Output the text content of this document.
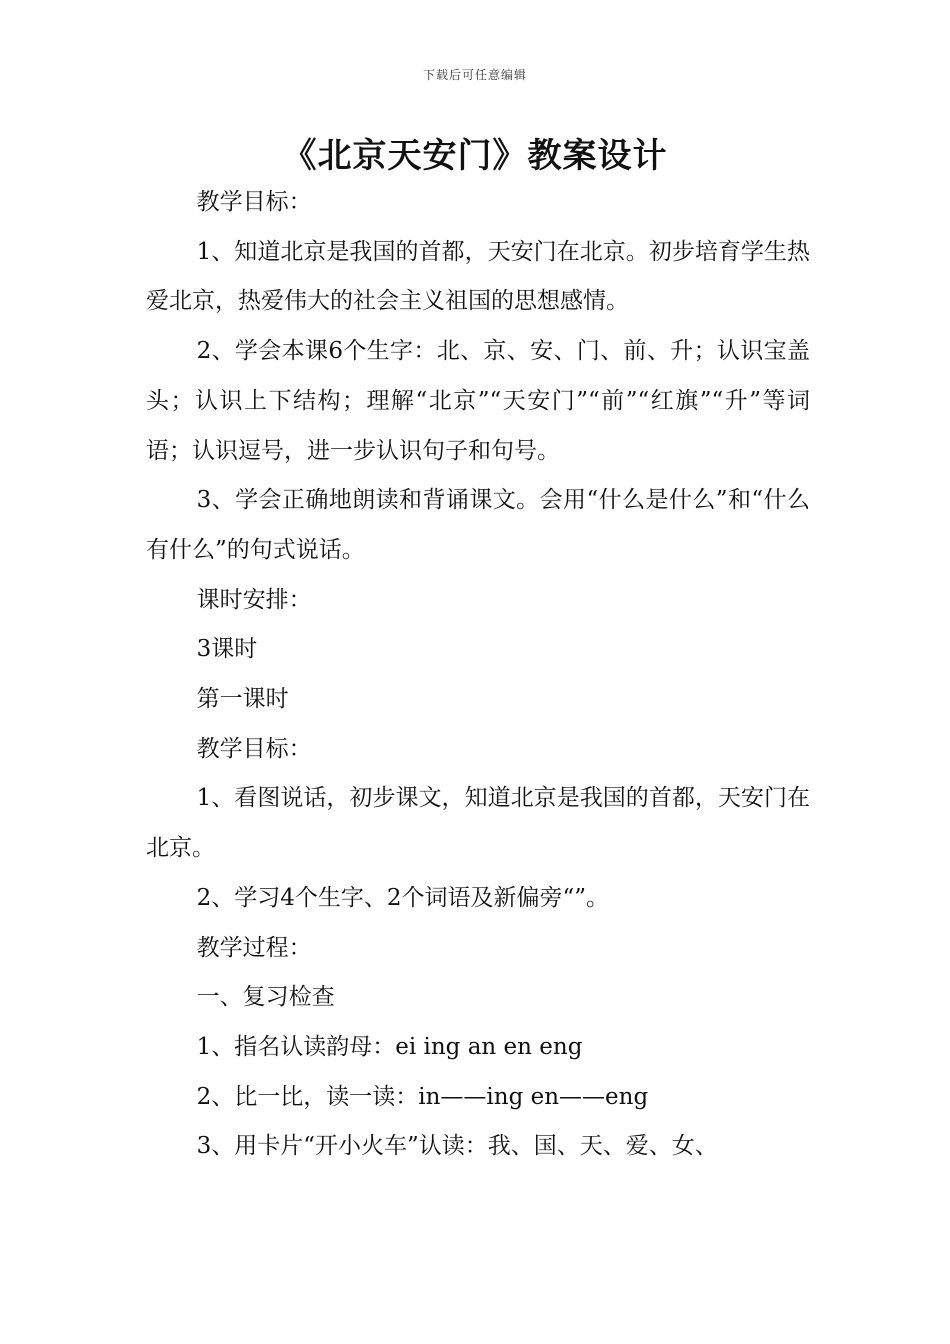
下载后可任意编辑
《北京天安门》教案设计

教学目标：

1、知道北京是我国的首都，天安门在北京。初步培育学生热爱北京，热爱伟大的社会主义祖国的思想感情。

2、学会本课6个生字：北、京、安、门、前、升；认识宝盖头；认识上下结构；理解“北京”“天安门”“前”“红旗”“升”等词 语；认识逗号，进一步认识句子和句号。

3、学会正确地朗读和背诵课文。会用“什么是什么”和“什么有什么”的句式说话。

课时安排：

3课时

第一课时

教学目标：

1、看图说话，初步课文，知道北京是我国的首都，天安门在北京。

2、学习4个生字、2个词语及新偏旁“”。

教学过程：

一、复习检查

1、指名认读韵母：ei ing an en eng

2、比一比，读一读：in——ing en——eng

3、用卡片“开小火车”认读：我、国、天、爱、女、
